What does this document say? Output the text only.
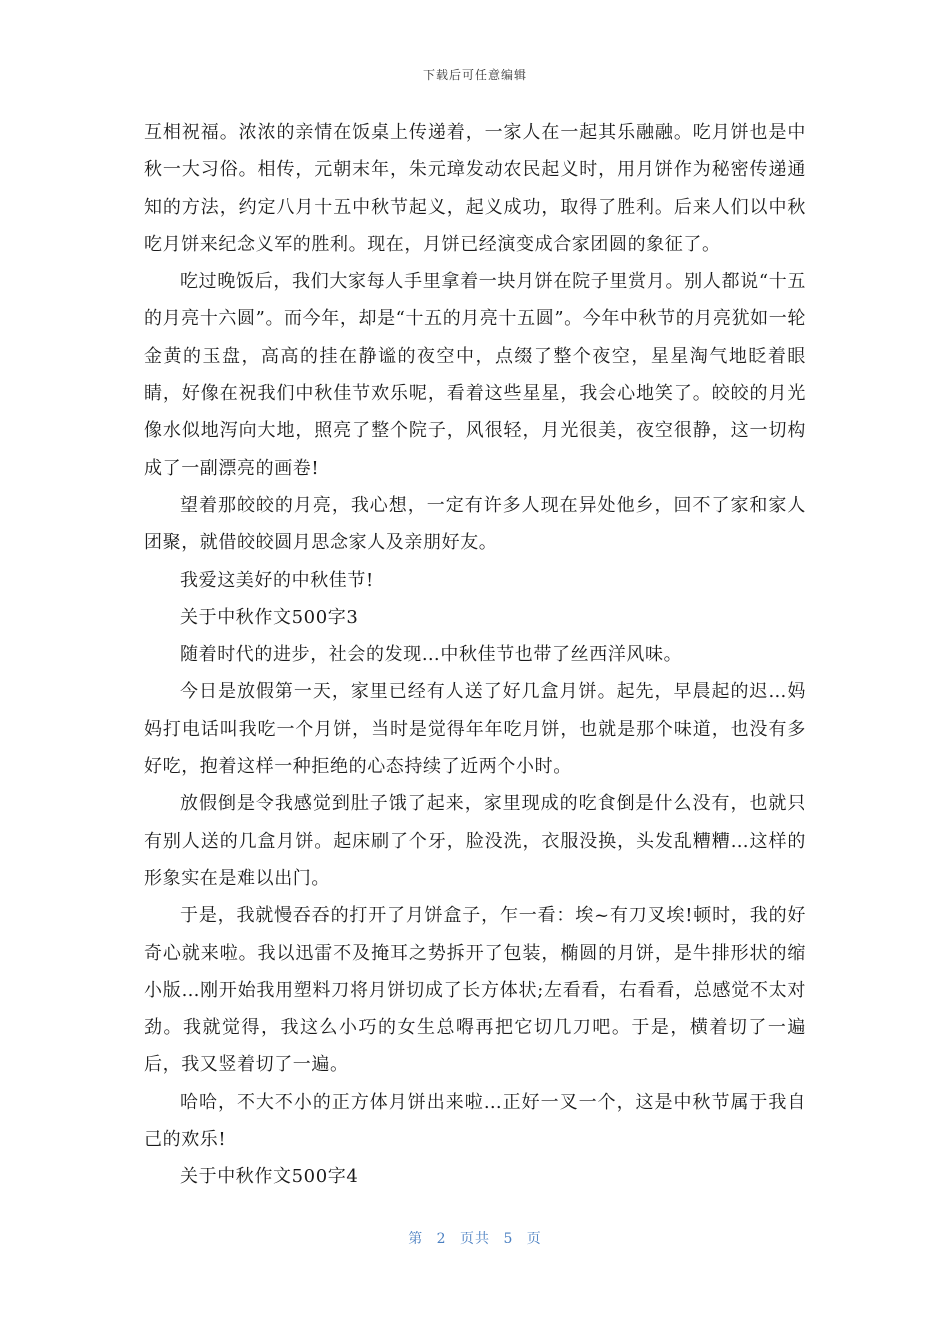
下载后可任意编辑

互相祝福。浓浓的亲情在饭桌上传递着，一家人在一起其乐融融。吃月饼也是中秋一大习俗。相传，元朝末年，朱元璋发动农民起义时，用月饼作为秘密传递通知的方法，约定八月十五中秋节起义，起义成功，取得了胜利。后来人们以中秋吃月饼来纪念义军的胜利。现在，月饼已经演变成合家团圆的象征了。

吃过晚饭后，我们大家每人手里拿着一块月饼在院子里赏月。别人都说“十五的月亮十六圆”。而今年，却是“十五的月亮十五圆”。今年中秋节的月亮犹如一轮金黄的玉盘，高高的挂在静谧的夜空中，点缀了整个夜空，星星淘气地眨着眼睛，好像在祝我们中秋佳节欢乐呢，看着这些星星，我会心地笑了。皎皎的月光像水似地泻向大地，照亮了整个院子，风很轻，月光很美，夜空很静，这一切构成了一副漂亮的画卷!

望着那皎皎的月亮，我心想，一定有许多人现在异处他乡，回不了家和家人团聚，就借皎皎圆月思念家人及亲朋好友。

我爱这美好的中秋佳节!

关于中秋作文500字3

随着时代的进步，社会的发现…中秋佳节也带了丝西洋风味。

今日是放假第一天，家里已经有人送了好几盒月饼。起先，早晨起的迟…妈妈打电话叫我吃一个月饼，当时是觉得年年吃月饼，也就是那个味道，也没有多好吃，抱着这样一种拒绝的心态持续了近两个小时。

放假倒是令我感觉到肚子饿了起来，家里现成的吃食倒是什么没有，也就只有别人送的几盒月饼。起床刷了个牙，脸没洗，衣服没换，头发乱糟糟…这样的形象实在是难以出门。

于是，我就慢吞吞的打开了月饼盒子，乍一看：埃~有刀叉埃!顿时，我的好奇心就来啦。我以迅雷不及掩耳之势拆开了包装，椭圆的月饼，是牛排形状的缩小版…刚开始我用塑料刀将月饼切成了长方体状;左看看，右看看，总感觉不太对劲。我就觉得，我这么小巧的女生总嘚再把它切几刀吧。于是，横着切了一遍后，我又竖着切了一遍。

哈哈，不大不小的正方体月饼出来啦…正好一叉一个，这是中秋节属于我自己的欢乐!

关于中秋作文500字4

第 2 页共 5 页
